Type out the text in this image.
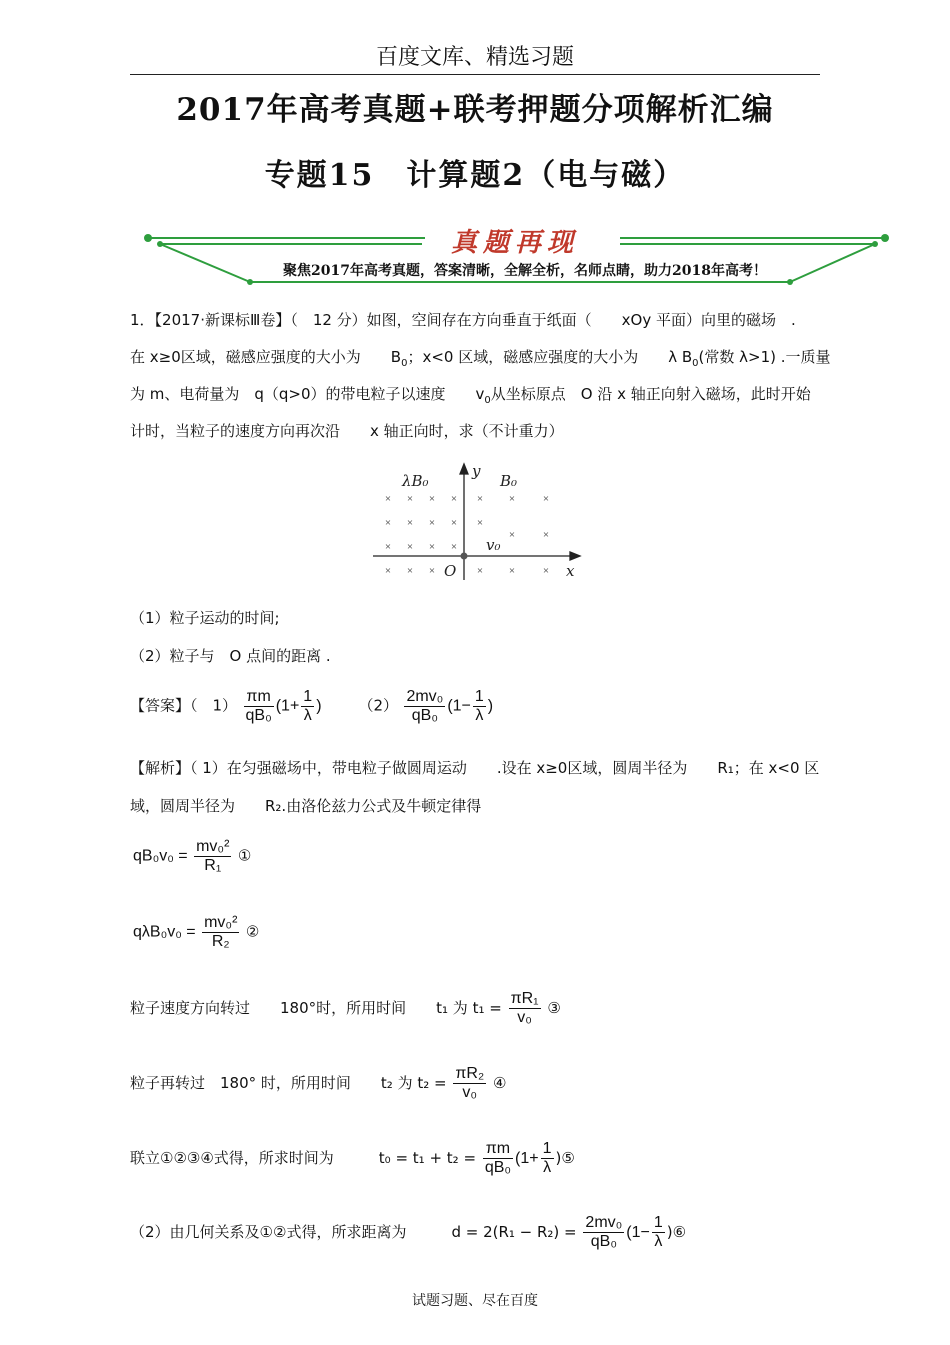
百度文库、精选习题
2017年高考真题+联考押题分项解析汇编
专题15　计算题2（电与磁）
真题再现
聚焦2017年高考真题，答案清晰，全解全析，名师点睛，助力2018年高考！
1．【2017·新课标Ⅲ卷】（　12 分）如图，空间存在方向垂直于纸面（　　xOy 平面）向里的磁场　.
在 x≥0区域，磁感应强度的大小为　　$B_0$；x<0 区域，磁感应强度的大小为　　λ $B_0$(常数 λ>1) .一质量
为 m、电荷量为　q（q>0）的带电粒子以速度　　$v_0$从坐标原点　O 沿 x 轴正向射入磁场，此时开始
计时，当粒子的速度方向再次沿　　x 轴正向时，求（不计重力）
× × × ×
× × × ×
× × × ×
× × ×
× ×	×
×
×	×
× ×	×
λB₀	B₀
y
x
O
v₀
（1）粒子运动的时间;
（2）粒子与　O 点间的距离 .
【答案】（　$1) \frac{\pi m}{\text{qB₀}} (1+ \frac{1}{\lambda}$ ) $(2) \frac{\text{2mv₀}}{\text{qB₀}} (1- \frac{1}{\lambda}$ )
【解析】（ 1）在匀强磁场中，带电粒子做圆周运动　　.设在 x≥0区域，圆周半径为　　R₁；在 x<0 区
域，圆周半径为　　R₂.由洛伦兹力公式及牛顿定律得
$qB_0v_0 = \frac{\text{mv₀²}}{\text{R₁}}$ ①
$q\lambda B_0v_0 = \frac{\text{mv₀²}}{\text{R₂}}$ ②
粒子速度方向转过　　180°时，所用时间　　t₁ 为 $t_1 = \frac{\text{πR₁}}{\text{v₀}}$ ③
粒子再转过　180° 时，所用时间　　t₂ 为 $t_2 = \frac{\text{πR₂}}{\text{v₀}}$ ④
联立①②③④式得，所求时间为　　　$t_0 = t_1 + t_2 = \frac{\pi m}{\text{qB₀}} (1+ \frac{1}{\lambda}$ )⑤
（2）由几何关系及①②式得，所求距离为　　　$d = 2(R_1 - R_2) = \frac{\text{2mv₀}}{\text{qB₀}} (1- \frac{1}{\lambda}$ )⑥
试题习题、尽在百度
